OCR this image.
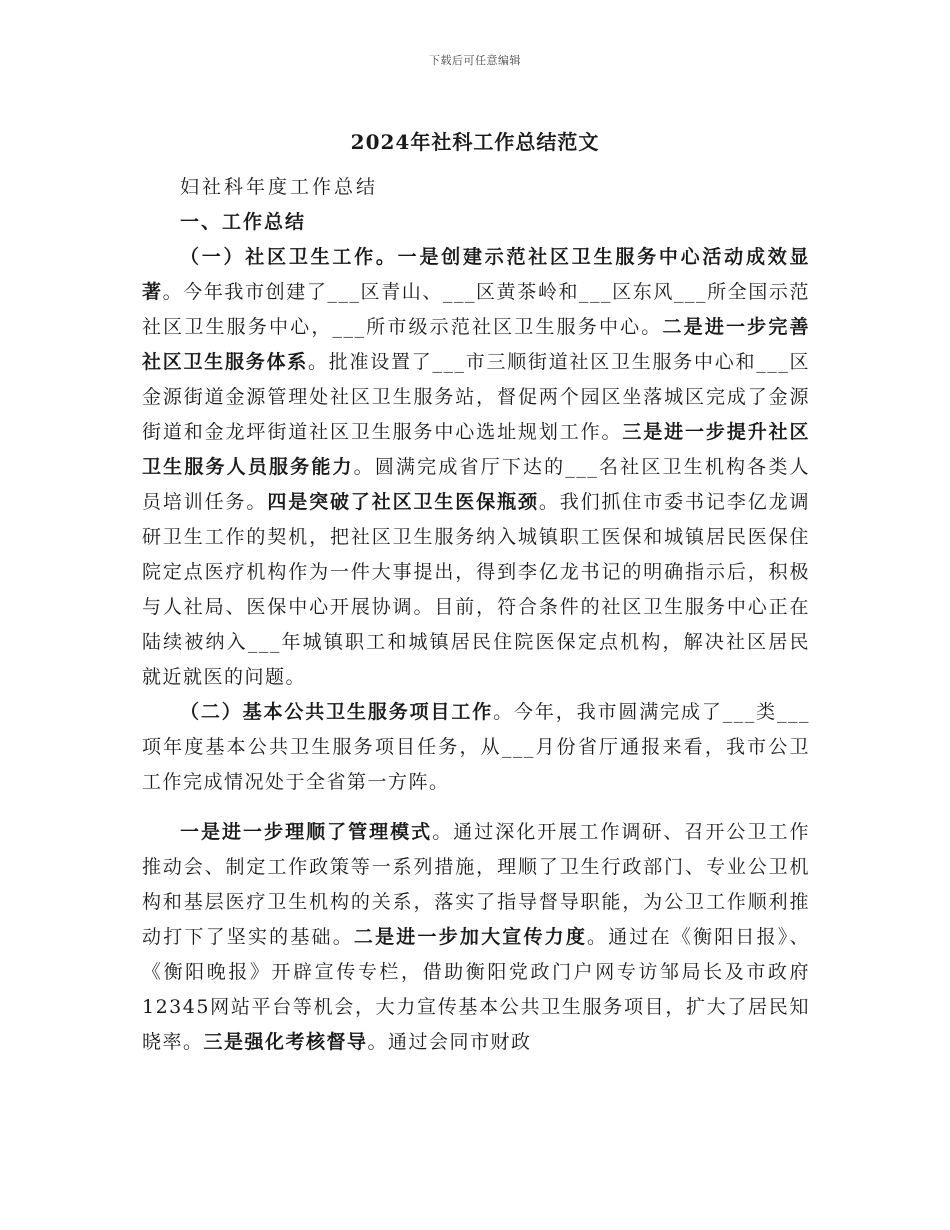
下载后可任意编辑
2024年社科工作总结范文
妇社科年度工作总结
一、工作总结

（一）社区卫生工作。一是创建示范社区卫生服务中心活动成效显著。今年我市创建了___区青山、___区黄茶岭和___区东风___所全国示范社区卫生服务中心，___所市级示范社区卫生服务中心。二是进一步完善社区卫生服务体系。批准设置了___市三顺街道社区卫生服务中心和___区金源街道金源管理处社区卫生服务站，督促两个园区坐落城区完成了金源街道和金龙坪街道社区卫生服务中心选址规划工作。三是进一步提升社区卫生服务人员服务能力。圆满完成省厅下达的___名社区卫生机构各类人员培训任务。四是突破了社区卫生医保瓶颈。我们抓住市委书记李亿龙调研卫生工作的契机，把社区卫生服务纳入城镇职工医保和城镇居民医保住院定点医疗机构作为一件大事提出，得到李亿龙书记的明确指示后，积极与人社局、医保中心开展协调。目前，符合条件的社区卫生服务中心正在陆续被纳入___年城镇职工和城镇居民住院医保定点机构，解决社区居民就近就医的问题。

（二）基本公共卫生服务项目工作。今年，我市圆满完成了___类___项年度基本公共卫生服务项目任务，从___月份省厅通报来看，我市公卫工作完成情况处于全省第一方阵。

一是进一步理顺了管理模式。通过深化开展工作调研、召开公卫工作推动会、制定工作政策等一系列措施，理顺了卫生行政部门、专业公卫机构和基层医疗卫生机构的关系，落实了指导督导职能，为公卫工作顺利推动打下了坚实的基础。二是进一步加大宣传力度。通过在《衡阳日报》、《衡阳晚报》开辟宣传专栏，借助衡阳党政门户网专访邹局长及市政府12345网站平台等机会，大力宣传基本公共卫生服务项目，扩大了居民知晓率。三是强化考核督导。通过会同市财政
